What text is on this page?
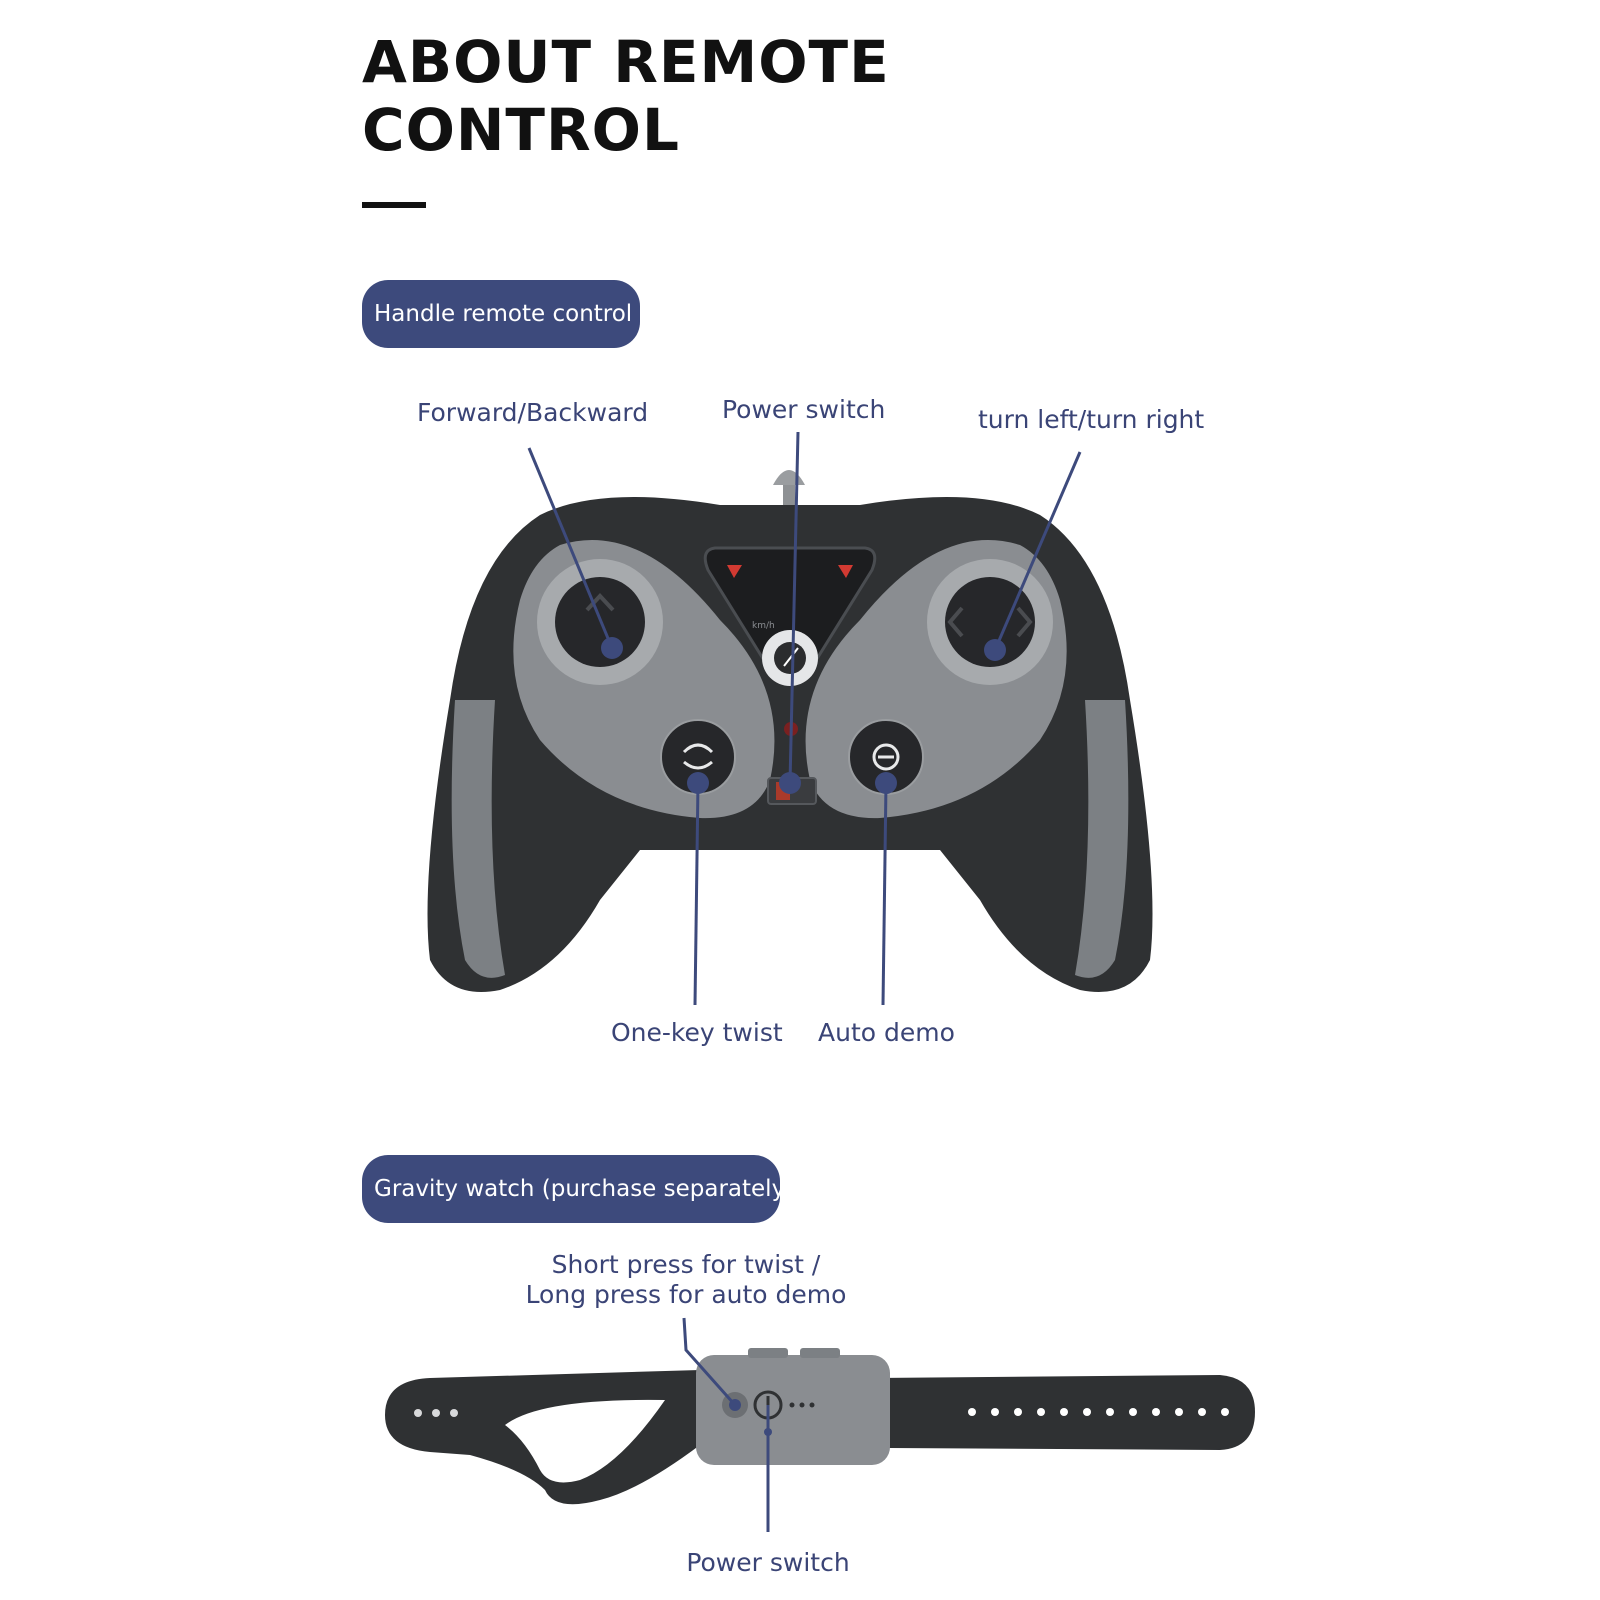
ABOUT REMOTE
CONTROL
Handle remote control
km/h
Forward/Backward	Power switch	turn left/turn right
One-key twist Auto demo
Gravity watch (purchase separately)
Short press for twist /
Long press for auto demo
Power switch
